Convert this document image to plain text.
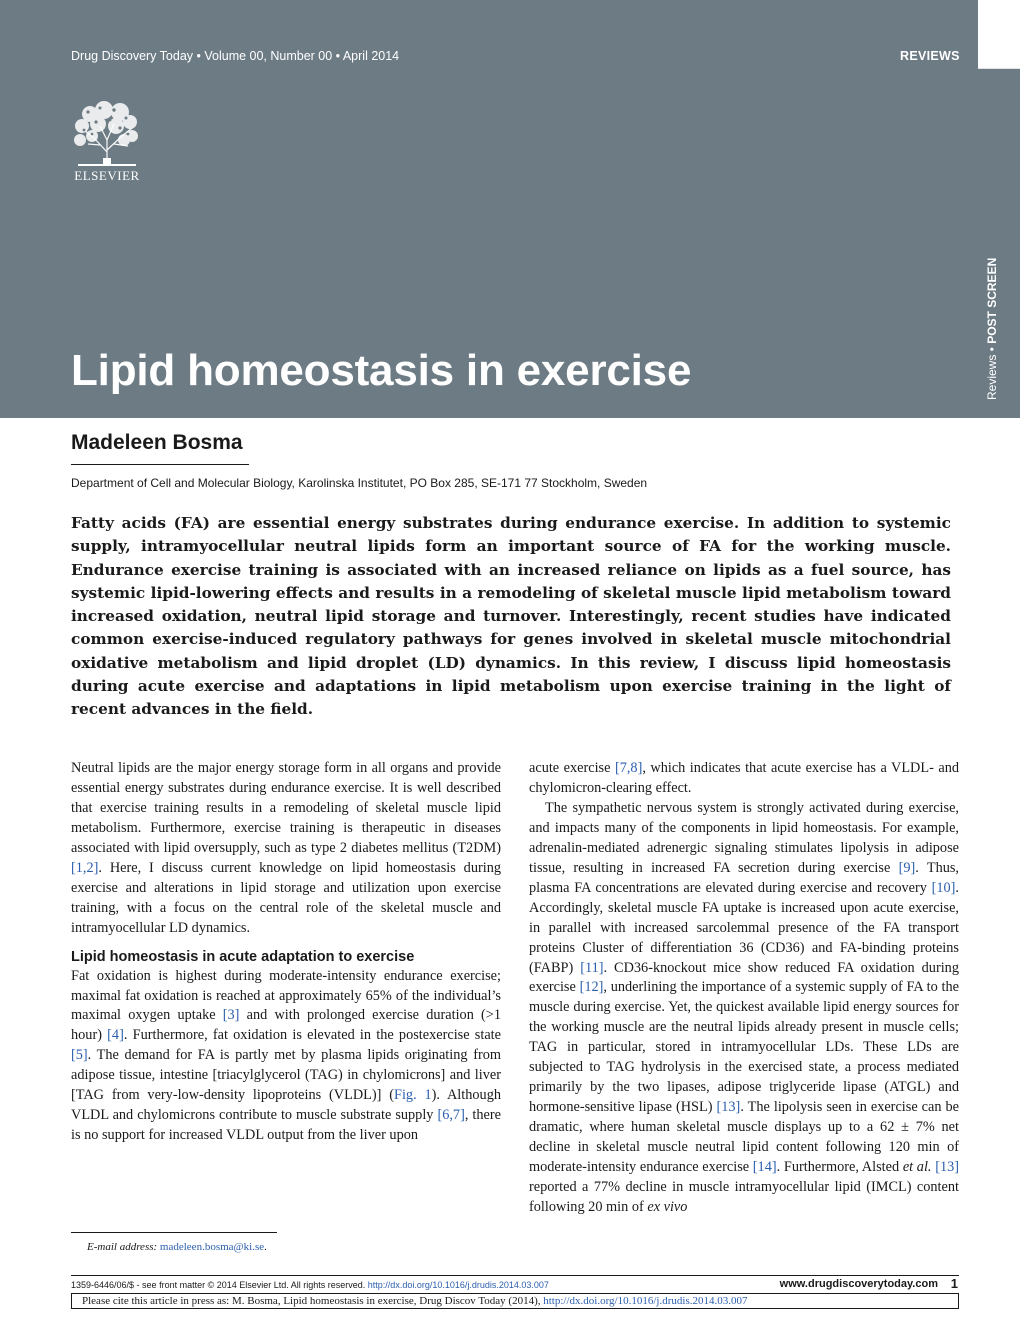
Drug Discovery Today • Volume 00, Number 00 • April 2014	REVIEWS
ELSEVIER
Reviews • POST SCREEN
Lipid homeostasis in exercise
Madeleen Bosma
Department of Cell and Molecular Biology, Karolinska Institutet, PO Box 285, SE-171 77 Stockholm, Sweden
Fatty acids (FA) are essential energy substrates during endurance exercise. In addition to systemic supply, intramyocellular neutral lipids form an important source of FA for the working muscle. Endurance exercise training is associated with an increased reliance on lipids as a fuel source, has systemic lipid-lowering effects and results in a remodeling of skeletal muscle lipid metabolism toward increased oxidation, neutral lipid storage and turnover. Interestingly, recent studies have indicated common exercise-induced regulatory pathways for genes involved in skeletal muscle mitochondrial oxidative metabolism and lipid droplet (LD) dynamics. In this review, I discuss lipid homeostasis during acute exercise and adaptations in lipid metabolism upon exercise training in the light of recent advances in the field.

Neutral lipids are the major energy storage form in all organs and provide essential energy substrates during endurance exercise. It is well described that exercise training results in a remodeling of skeletal muscle lipid metabolism. Furthermore, exercise training is therapeutic in diseases associated with lipid oversupply, such as type 2 diabetes mellitus (T2DM) [1,2]. Here, I discuss current knowledge on lipid homeostasis during exercise and alterations in lipid storage and utilization upon exercise training, with a focus on the central role of the skeletal muscle and intramyocellular LD dynamics.

Lipid homeostasis in acute adaptation to exercise

Fat oxidation is highest during moderate-intensity endurance exercise; maximal fat oxidation is reached at approximately 65% of the individual’s maximal oxygen uptake [3] and with prolonged exercise duration (>1 hour) [4]. Furthermore, fat oxidation is elevated in the postexercise state [5]. The demand for FA is partly met by plasma lipids originating from adipose tissue, intestine [triacylglycerol (TAG) in chylomicrons] and liver [TAG from very-low-density lipoproteins (VLDL)] (Fig. 1). Although VLDL and chylomicrons contribute to muscle substrate supply [6,7], there is no support for increased VLDL output from the liver upon

acute exercise [7,8], which indicates that acute exercise has a VLDL- and chylomicron-clearing effect.

The sympathetic nervous system is strongly activated during exercise, and impacts many of the components in lipid homeostasis. For example, adrenalin-mediated adrenergic signaling stimulates lipolysis in adipose tissue, resulting in increased FA secretion during exercise [9]. Thus, plasma FA concentrations are elevated during exercise and recovery [10]. Accordingly, skeletal muscle FA uptake is increased upon acute exercise, in parallel with increased sarcolemmal presence of the FA transport proteins Cluster of differentiation 36 (CD36) and FA-binding proteins (FABP) [11]. CD36-knockout mice show reduced FA oxidation during exercise [12], underlining the importance of a systemic supply of FA to the muscle during exercise. Yet, the quickest available lipid energy sources for the working muscle are the neutral lipids already present in muscle cells; TAG in particular, stored in intramyocellular LDs. These LDs are subjected to TAG hydrolysis in the exercised state, a process mediated primarily by the two lipases, adipose triglyceride lipase (ATGL) and hormone-sensitive lipase (HSL) [13]. The lipolysis seen in exercise can be dramatic, where human skeletal muscle displays up to a 62 ± 7% net decline in skeletal muscle neutral lipid content following 120 min of moderate-intensity endurance exercise [14]. Furthermore, Alsted et al. [13] reported a 77% decline in muscle intramyocellular lipid (IMCL) content following 20 min of ex vivo

E-mail address: madeleen.bosma@ki.se.
1359-6446/06/$ - see front matter © 2014 Elsevier Ltd. All rights reserved. http://dx.doi.org/10.1016/j.drudis.2014.03.007	www.drugdiscoverytoday.com 1
Please cite this article in press as: M. Bosma, Lipid homeostasis in exercise, Drug Discov Today (2014), http://dx.doi.org/10.1016/j.drudis.2014.03.007
